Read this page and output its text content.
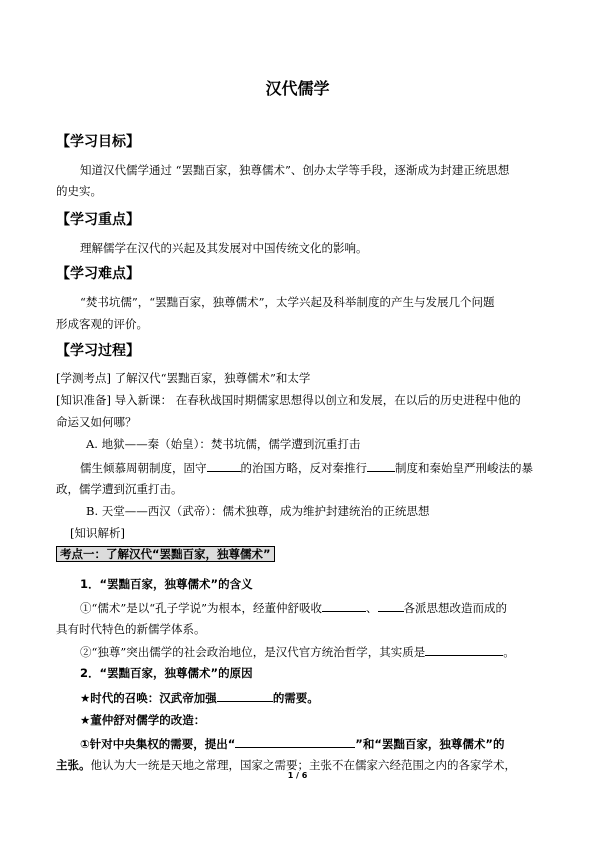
汉代儒学
【学习目标】
知道汉代儒学通过 “罢黜百家，独尊儒术”、创办太学等手段，逐渐成为封建正统思想
的史实。
【学习重点】
理解儒学在汉代的兴起及其发展对中国传统文化的影响。
【学习难点】
“焚书坑儒”，“罢黜百家，独尊儒术”，太学兴起及科举制度的产生与发展几个问题
形成客观的评价。
【学习过程】
[学测考点] 了解汉代“罢黜百家，独尊儒术”和太学
[知识准备] 导入新课： 在春秋战国时期儒家思想得以创立和发展，在以后的历史进程中他的
命运又如何哪？
A. 地狱——秦（始皇）：焚书坑儒，儒学遭到沉重打击
儒生倾慕周朝制度，固守	的治国方略，反对秦推行 制度和秦始皇严刑峻法的暴
政，儒学遭到沉重打击。
B. 天堂——西汉（武帝）：儒术独尊，成为维护封建统治的正统思想
[知识解析]
考点一：了解汉代“罢黜百家，独尊儒术”
1．“罢黜百家，独尊儒术”的含义
①“儒术”是以“孔子学说”为根本，经董仲舒吸收	、 各派思想改造而成的
具有时代特色的新儒学体系。
②“独尊”突出儒学的社会政治地位，是汉代官方统治哲学，其实质是	。
2．“罢黜百家，独尊儒术”的原因
★时代的召唤：汉武帝加强	的需要。
★董仲舒对儒学的改造：
①针对中央集权的需要，提出“	”和“罢黜百家，独尊儒术”的
主张。他认为大一统是天地之常理，国家之需要；主张不在儒家六经范围之内的各家学术，
1 / 6
